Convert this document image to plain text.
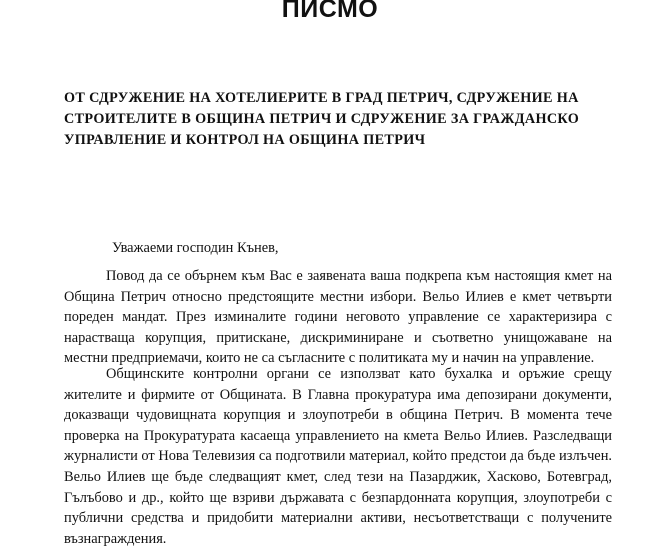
ПИСМО
ОТ СДРУЖЕНИЕ НА ХОТЕЛИЕРИТЕ В ГРАД ПЕТРИЧ, СДРУЖЕНИЕ НА
СТРОИТЕЛИТЕ В ОБЩИНА ПЕТРИЧ И СДРУЖЕНИЕ ЗА ГРАЖДАНСКО
УПРАВЛЕНИЕ И КОНТРОЛ НА ОБЩИНА ПЕТРИЧ

Уважаеми господин Кънев,

Повод да се обърнем към Вас е заявената ваша подкрепа към настоящия кмет на Община Петрич относно предстоящите местни избори. Вельо Илиев е кмет четвърти пореден мандат. През изминалите години неговото управление се характеризира с нарастваща корупция, притискане, дискриминиране и съответно унищожаване на местни предприемачи, които не са съгласните с политиката му и начин на управление.

Общинските контролни органи се използват като бухалка и оръжие срещу жителите и фирмите от Общината. В Главна прокуратура има депозирани документи, доказващи чудовищната корупция и злоупотреби в община Петрич. В момента тече проверка на Прокуратурата касаеща управлението на кмета Вельо Илиев. Разследващи журналисти от Нова Телевизия са подготвили материал, който предстои да бъде излъчен. Вельо Илиев ще бъде следващият кмет, след тези на Пазарджик, Хасково, Ботевград, Гълъбово и др., който ще взриви държавата с безпардонната корупция, злоупотреби с публични средства и придобити материални активи, несъответстващи с получените възнаграждения.
